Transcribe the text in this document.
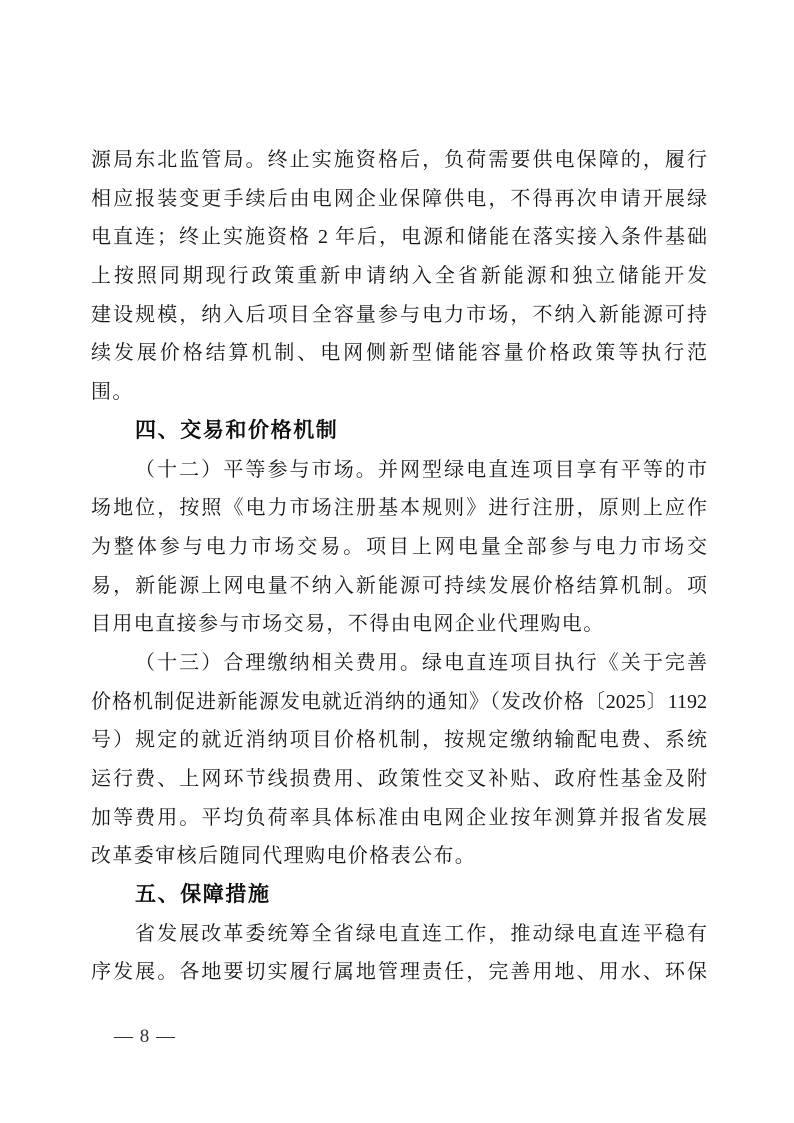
源局东北监管局。终止实施资格后，负荷需要供电保障的，履行
相应报装变更手续后由电网企业保障供电，不得再次申请开展绿
电直连；终止实施资格 2 年后，电源和储能在落实接入条件基础
上按照同期现行政策重新申请纳入全省新能源和独立储能开发
建设规模，纳入后项目全容量参与电力市场，不纳入新能源可持
续发展价格结算机制、电网侧新型储能容量价格政策等执行范
围。
四、交易和价格机制
（十二）平等参与市场。并网型绿电直连项目享有平等的市
场地位，按照《电力市场注册基本规则》进行注册，原则上应作
为整体参与电力市场交易。项目上网电量全部参与电力市场交
易，新能源上网电量不纳入新能源可持续发展价格结算机制。项
目用电直接参与市场交易，不得由电网企业代理购电。
（十三）合理缴纳相关费用。绿电直连项目执行《关于完善
价格机制促进新能源发电就近消纳的通知》（发改价格〔2025〕1192
号）规定的就近消纳项目价格机制，按规定缴纳输配电费、系统
运行费、上网环节线损费用、政策性交叉补贴、政府性基金及附
加等费用。平均负荷率具体标准由电网企业按年测算并报省发展
改革委审核后随同代理购电价格表公布。
五、保障措施
省发展改革委统筹全省绿电直连工作，推动绿电直连平稳有
序发展。各地要切实履行属地管理责任，完善用地、用水、环保
— 8 —
